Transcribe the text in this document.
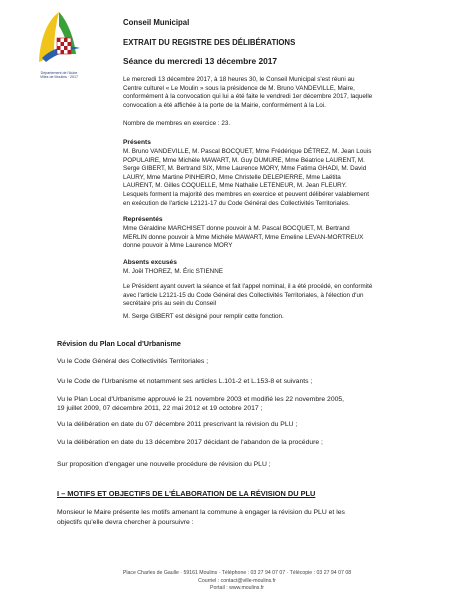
Département de l'Aube
Villes de Moulins · 2017
Conseil Municipal
EXTRAIT DU REGISTRE DES DÉLIBÉRATIONS
Séance du mercredi 13 décembre 2017
Le mercredi 13 décembre 2017, à 18 heures 30, le Conseil Municipal s'est réuni au
Centre culturel « Le Moulin » sous la présidence de M. Bruno VANDEVILLE, Maire,
conformément à la convocation qui lui a été faite le vendredi 1er décembre 2017, laquelle
convocation a été affichée à la porte de la Mairie, conformément à la Loi.
Nombre de membres en exercice : 23.
Présents
M. Bruno VANDEVILLE, M. Pascal BOCQUET, Mme Frédérique DÉTREZ, M. Jean Louis
POPULAIRE, Mme Michèle MAWART, M. Guy DUMURE, Mme Béatrice LAURENT, M.
Serge GIBERT, M. Bertrand SIX, Mme Laurence MORY, Mme Fatima GHADI, M. David
LAURY, Mme Martine PINHEIRO, Mme Christelle DELEPIERRE, Mme Laëtita
LAURENT, M. Gilles COQUELLE, Mme Nathalie LETENEUR, M. Jean FLEURY.
Lesquels forment la majorité des membres en exercice et peuvent délibérer valablement
en exécution de l'article L2121-17 du Code Général des Collectivités Territoriales.
Représentés
Mme Géraldine MARCHISET donne pouvoir à M. Pascal BOCQUET, M. Bertrand
MERLIN donne pouvoir à Mme Michèle MAWART, Mme Emeline LEVAN-MORTREUX
donne pouvoir à Mme Laurence MORY
Absents excusés
M. Joël THOREZ, M. Éric STIENNE
Le Président ayant ouvert la séance et fait l'appel nominal, il a été procédé, en conformité
avec l'article L2121-15 du Code Général des Collectivités Territoriales, à l'élection d'un
secrétaire pris au sein du Conseil
M. Serge GIBERT est désigné pour remplir cette fonction.
Révision du Plan Local d'Urbanisme
Vu le Code Général des Collectivités Territoriales ;
Vu le Code de l'Urbanisme et notamment ses articles L.101-2 et L.153-8 et suivants ;
Vu le Plan Local d'Urbanisme approuvé le 21 novembre 2003 et modifié les 22 novembre 2005,
19 juillet 2009, 07 décembre 2011, 22 mai 2012 et 19 octobre 2017 ;
Vu la délibération en date du 07 décembre 2011 prescrivant la révision du PLU ;
Vu la délibération en date du 13 décembre 2017 décidant de l'abandon de la procédure ;
Sur proposition d'engager une nouvelle procédure de révision du PLU ;
I – MOTIFS ET OBJECTIFS DE L'ÉLABORATION DE LA RÉVISION DU PLU
Monsieur le Maire présente les motifs amenant la commune à engager la révision du PLU et les
objectifs qu'elle devra chercher à poursuivre :
Place Charles de Gaulle · 59161 Moulins · Téléphone : 03 27 94 07 07 · Télécopie : 03 27 94 07 08
Courriel : contact@ville-moulins.fr
Portail : www.moulins.fr
